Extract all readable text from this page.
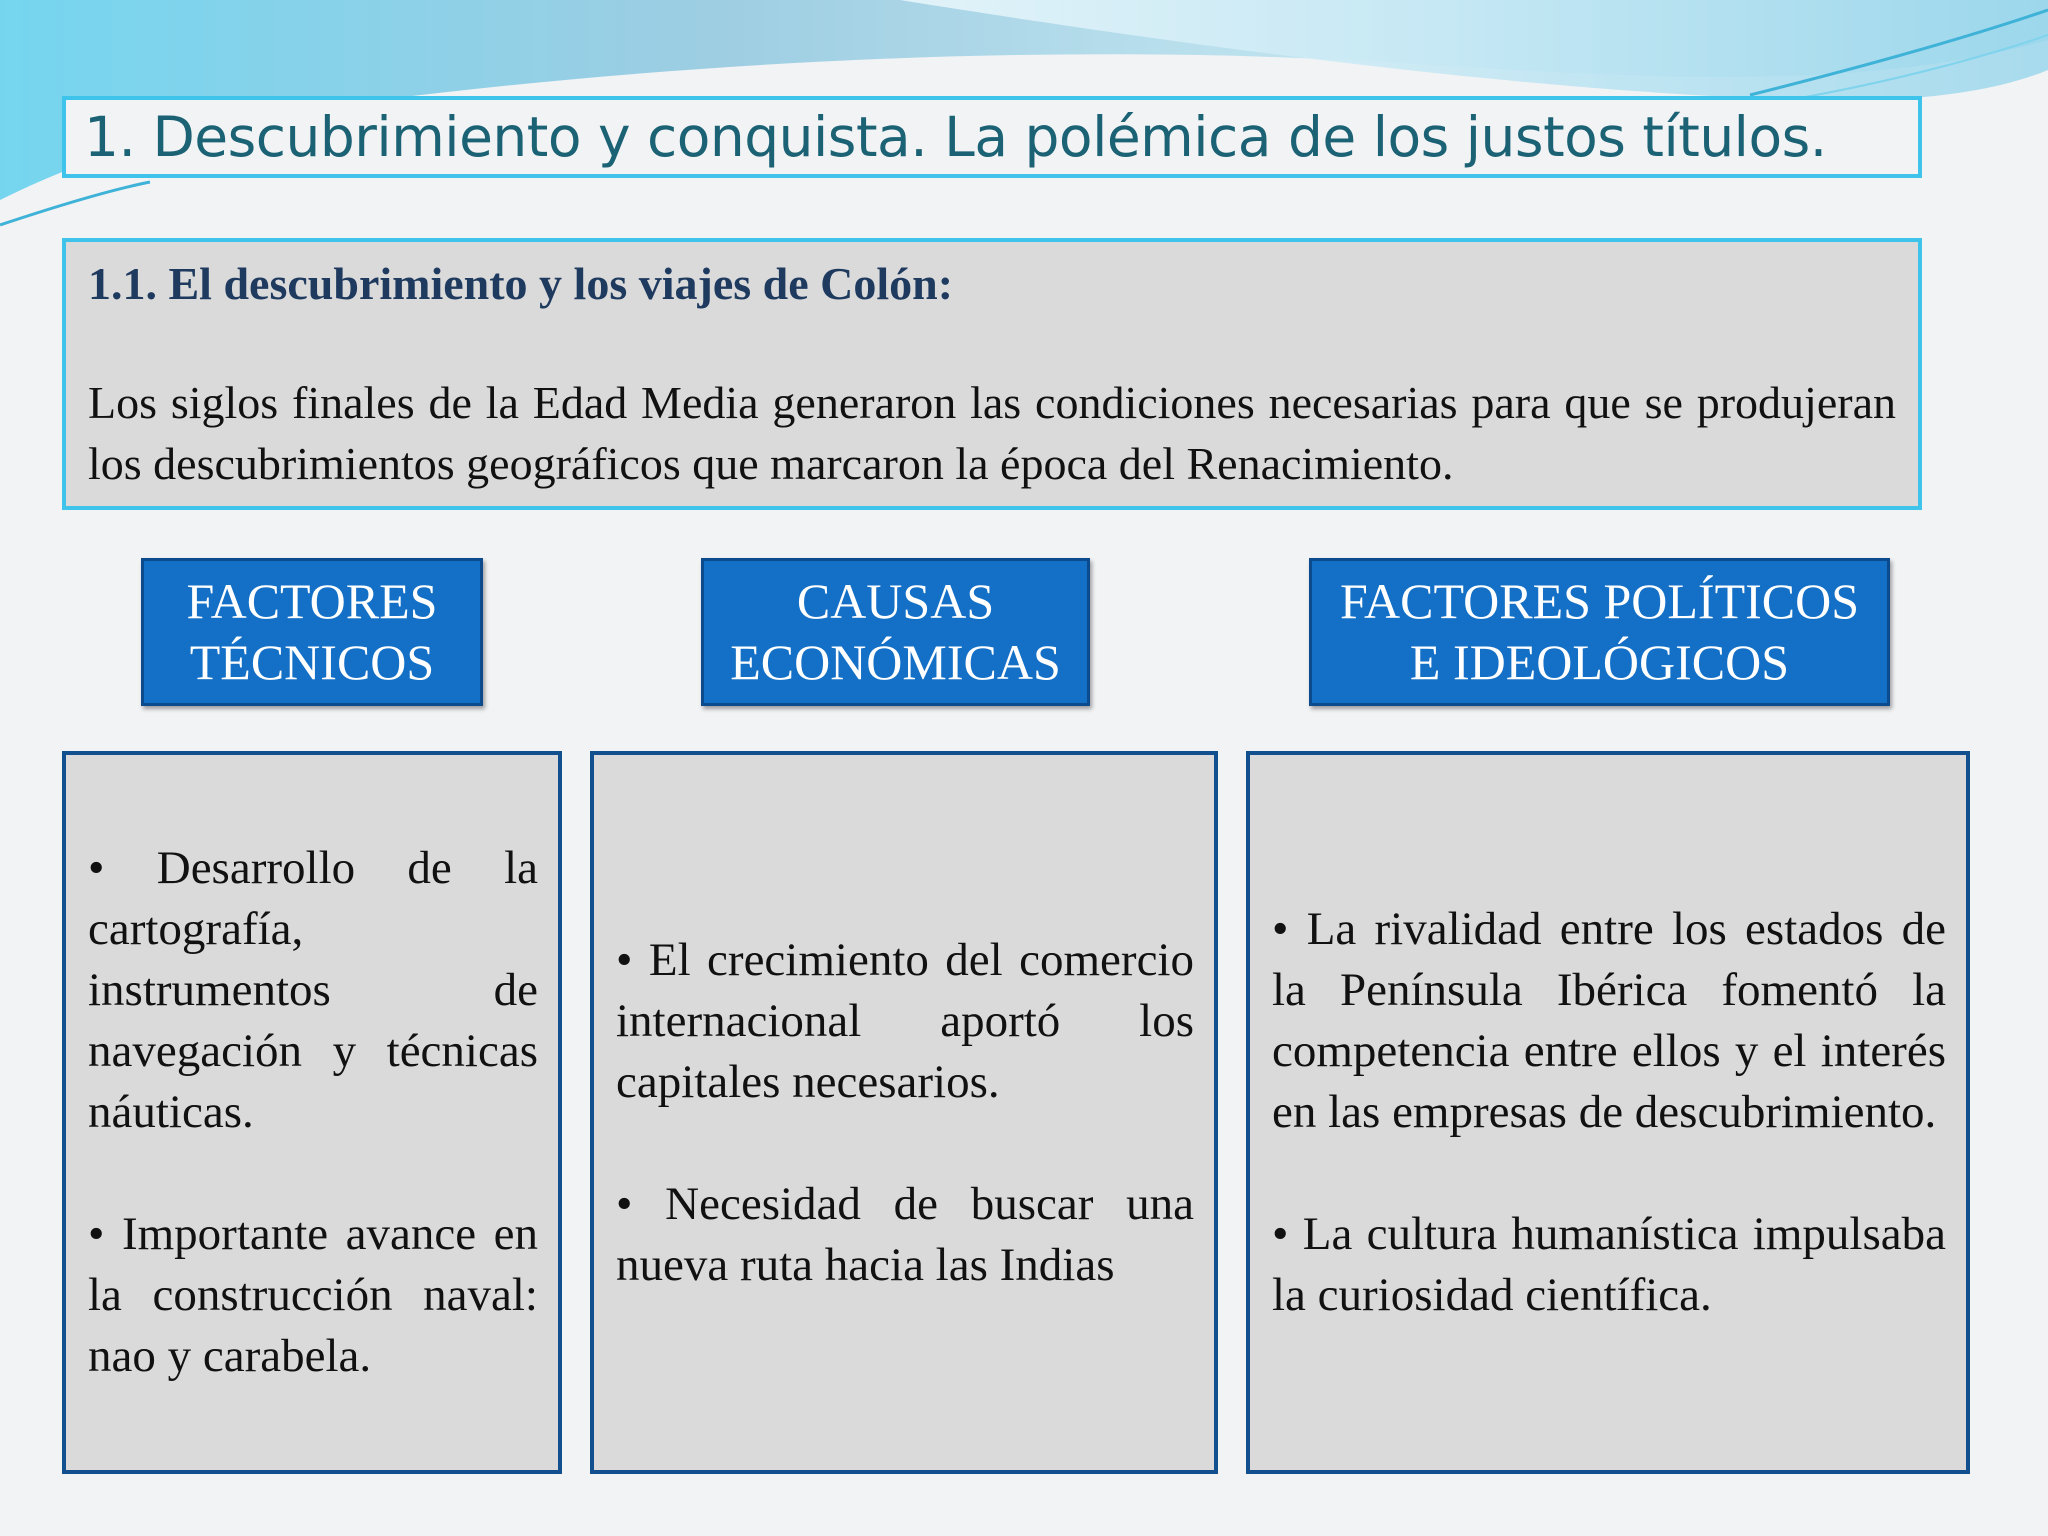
1. Descubrimiento y conquista. La polémica de los justos títulos.

1.1. El descubrimiento y los viajes de Colón:

Los siglos finales de la Edad Media generaron las condiciones necesarias para que se produjeran los descubrimientos geográficos que marcaron la época del Renacimiento.

FACTORES
TÉCNICOS
CAUSAS
ECONÓMICAS
FACTORES POLÍTICOS
E IDEOLÓGICOS

• Desarrollo de la cartografía, instrumentos de navegación y técnicas náuticas.

• Importante avance en la construcción naval: nao y carabela.

• El crecimiento del comercio internacional aportó los capitales necesarios.

• Necesidad de buscar una nueva ruta hacia las Indias

• La rivalidad entre los estados de la Península Ibérica fomentó la competencia entre ellos y el interés en las empresas de descubrimiento.

• La cultura humanística impulsaba la curiosidad científica.
